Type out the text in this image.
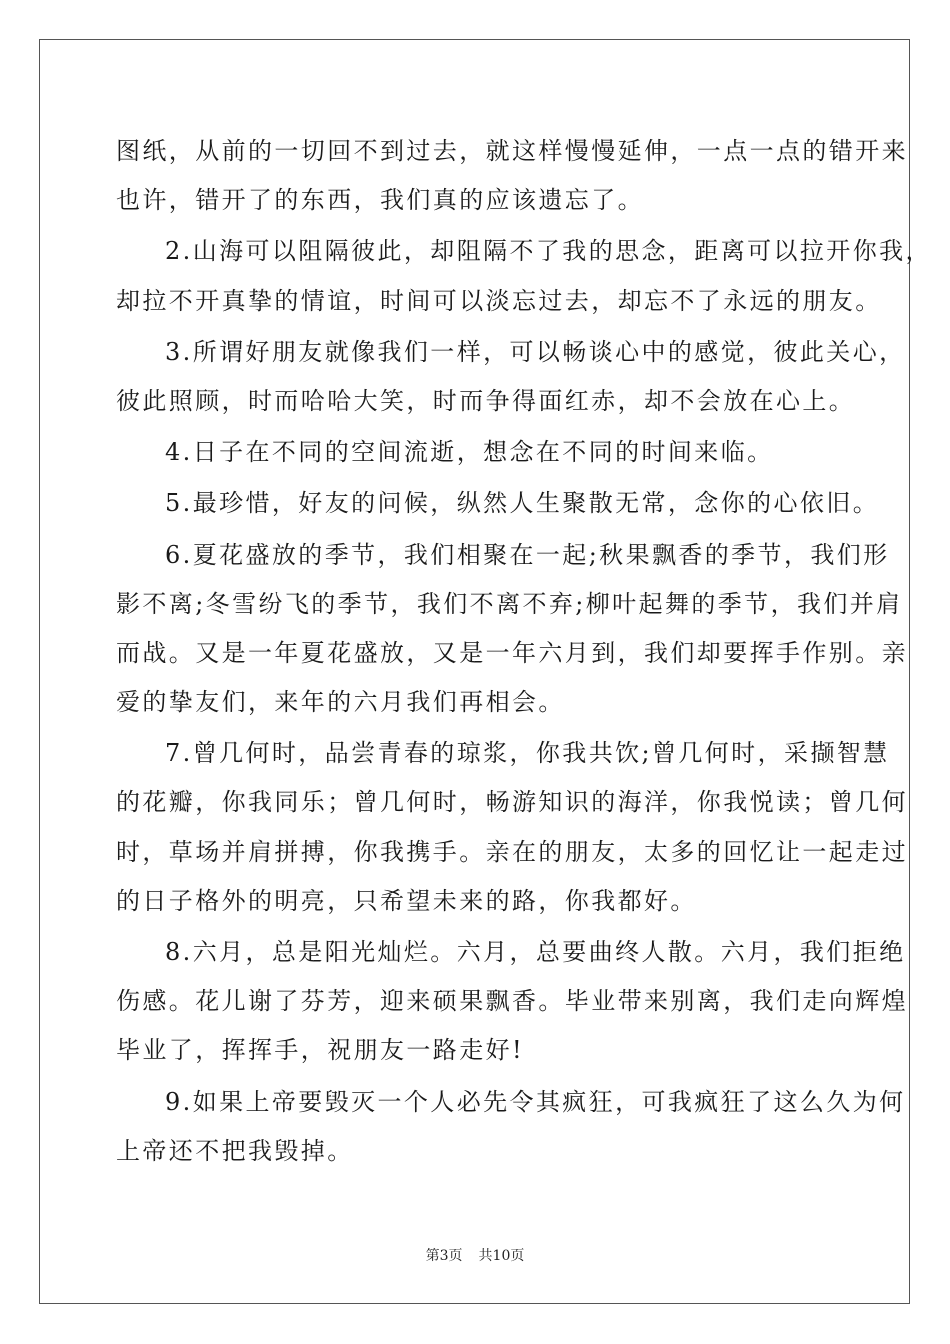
图纸，从前的一切回不到过去，就这样慢慢延伸，一点一点的错开来
也许，错开了的东西，我们真的应该遗忘了。

2.山海可以阻隔彼此，却阻隔不了我的思念，距离可以拉开你我，
却拉不开真挚的情谊，时间可以淡忘过去，却忘不了永远的朋友。

3.所谓好朋友就像我们一样，可以畅谈心中的感觉，彼此关心，
彼此照顾，时而哈哈大笑，时而争得面红赤，却不会放在心上。

4.日子在不同的空间流逝，想念在不同的时间来临。

5.最珍惜，好友的问候，纵然人生聚散无常，念你的心依旧。

6.夏花盛放的季节，我们相聚在一起;秋果飘香的季节，我们形
影不离;冬雪纷飞的季节，我们不离不弃;柳叶起舞的季节，我们并肩
而战。又是一年夏花盛放，又是一年六月到，我们却要挥手作别。亲
爱的挚友们，来年的六月我们再相会。

7.曾几何时，品尝青春的琼浆，你我共饮;曾几何时，采撷智慧
的花瓣，你我同乐；曾几何时，畅游知识的海洋，你我悦读；曾几何
时，草场并肩拼搏，你我携手。亲在的朋友，太多的回忆让一起走过
的日子格外的明亮，只希望未来的路，你我都好。

8.六月，总是阳光灿烂。六月，总要曲终人散。六月，我们拒绝
伤感。花儿谢了芬芳，迎来硕果飘香。毕业带来别离，我们走向辉煌
毕业了，挥挥手，祝朋友一路走好!

9.如果上帝要毁灭一个人必先令其疯狂，可我疯狂了这么久为何
上帝还不把我毁掉。

第3页 共10页
